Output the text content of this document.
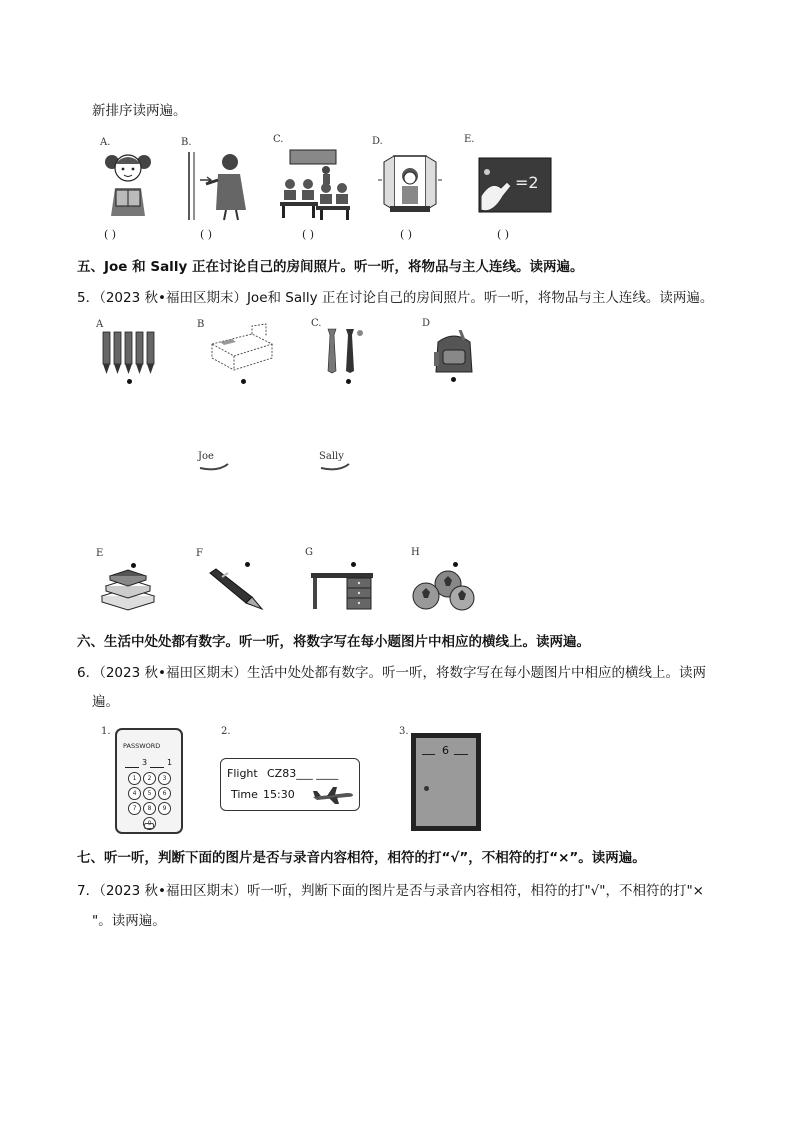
新排序读两遍。
A.	B.	C.	D.	E.
=2
( )	( )	( )	( )	( )
五、Joe 和 Sally 正在讨论自己的房间照片。听一听，将物品与主人连线。读两遍。
5．（2023 秋•福田区期末）Joe和 Sally 正在讨论自己的房间照片。听一听，将物品与主人连线。读两遍。
A	B	C.	D
Joe	Sally
E	F	G	H
六、生活中处处都有数字。听一听，将数字写在每小题图片中相应的横线上。读两遍。
6．（2023 秋•福田区期末）生活中处处都有数字。听一听，将数字写在每小题图片中相应的横线上。读两
遍。
1.	2.	3.
PASSWORD
3 1
1	2	3
4	5	6
7	8	9
0
Flight CZ83___ ____
Time 15:30
6
七、听一听，判断下面的图片是否与录音内容相符，相符的打“√”，不相符的打“×”。读两遍。
7．（2023 秋•福田区期末）听一听，判断下面的图片是否与录音内容相符，相符的打"√"，不相符的打"×
"。读两遍。
